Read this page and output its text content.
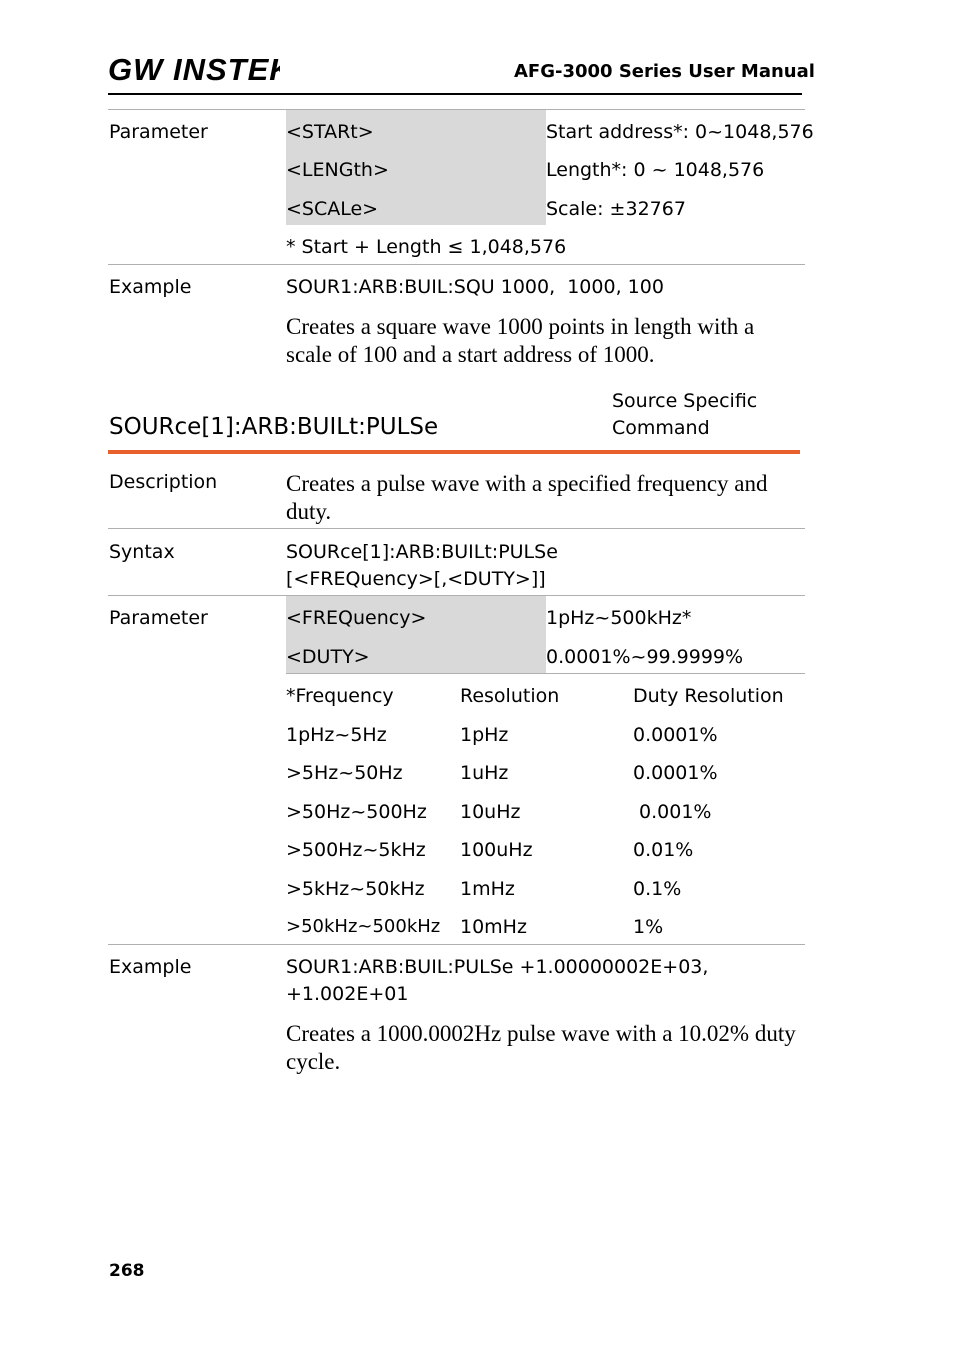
GW INSTEK	AFG-3000 Series User Manual
Parameter	<STARt>	Start address*: 0~1048,576
<LENGth>	Length*: 0 ~ 1048,576
<SCALe>	Scale: ±32767
* Start + Length ≤ 1,048,576
Example	SOUR1:ARB:BUIL:SQU 1000,  1000, 100
Creates a square wave 1000 points in length with a scale of 100 and a start address of 1000.
SOURce[1]:ARB:BUILt:PULSe
Source Specific Command
Description	Creates a pulse wave with a specified frequency and duty.
Syntax	SOURce[1]:ARB:BUILt:PULSe
[<FREQuency>[,<DUTY>]]
Parameter	<FREQuency>	1pHz~500kHz*
<DUTY>	0.0001%~99.9999%
*Frequency	Resolution	Duty Resolution
1pHz~5Hz	1pHz	0.0001%
>5Hz~50Hz	1uHz	0.0001%
>50Hz~500Hz 10uHz	0.001%
>500Hz~5kHz 100uHz	0.01%
>5kHz~50kHz 1mHz	0.1%
>50kHz~500kHz 10mHz	1%
Example	SOUR1:ARB:BUIL:PULSe +1.00000002E+03,
+1.002E+01
Creates a 1000.0002Hz pulse wave with a 10.02% duty cycle.
268
